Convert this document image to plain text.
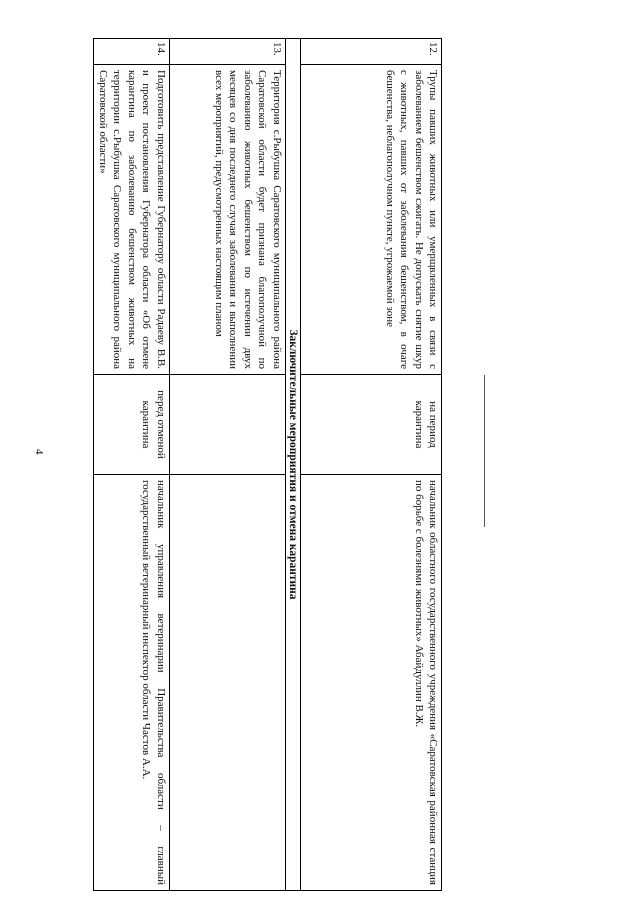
4
12.	Трупы павших животных или умерщвленных в связи с заболеванием бешенством сжигать. Не допускать снятие шкур с животных, павших от заболевания бешенством, в очаге бешенства, неблагополучном пункте, угрожаемой зоне	на период карантина	начальник областного государственного учреждения «Саратовская районная станция по борьбе с болезнями животных» Абайдуллин В.Ж.
Заключительные мероприятия и отмена карантина			
13.	Территория с.Рыбушка Саратовского муниципального района Саратовской области будет признана благополучной по заболеванию животных бешенством по истечении двух месяцев со дня последнего случая заболевания и выполнении всех мероприятий, предусмотренных настоящим планом		
14.	Подготовить представление Губернатору области Радаеву В.В. и проект постановления Губернатора области «Об отмене карантина по заболеванию бешенством животных на территории с.Рыбушка Саратовского муниципального района Саратовской области»	перед отменой карантина	начальник управления ветеринарии Правительства области – главный государственный ветеринарный инспектор области Частов А.А.
